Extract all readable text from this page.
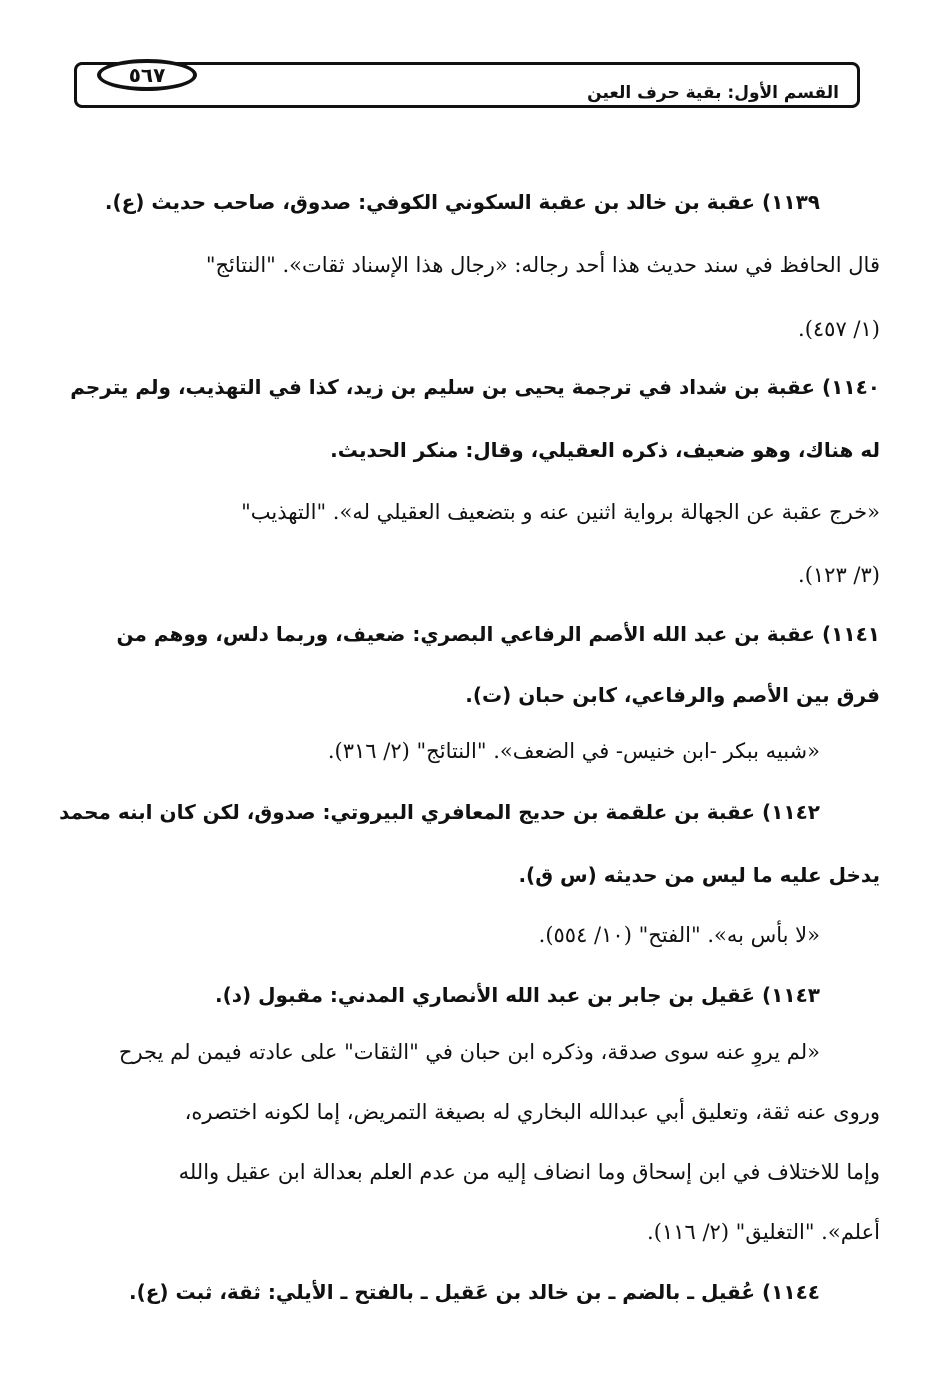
٥٦٧
القسم الأول: بقية حرف العين
١١٣٩) عقبة بن خالد بن عقبة السكوني الكوفي: صدوق، صاحب حديث (ع).
قال الحافظ في سند حديث هذا أحد رجاله: «رجال هذا الإسناد ثقات». "النتائج"
(١/ ٤٥٧).
١١٤٠) عقبة بن شداد في ترجمة يحيى بن سليم بن زيد، كذا في التهذيب، ولم يترجم
له هناك، وهو ضعيف، ذكره العقيلي، وقال: منكر الحديث.
«خرج عقبة عن الجهالة برواية اثنين عنه و بتضعيف العقيلي له». "التهذيب"
(٣/ ١٢٣).
١١٤١) عقبة بن عبد الله الأصم الرفاعي البصري: ضعيف، وربما دلس، ووهم من
فرق بين الأصم والرفاعي، كابن حبان (ت).
«شبيه ببكر -ابن خنيس- في الضعف». "النتائج" (٢/ ٣١٦).
١١٤٢) عقبة بن علقمة بن حديج المعافري البيروتي: صدوق، لكن كان ابنه محمد
يدخل عليه ما ليس من حديثه (س ق).
«لا بأس به». "الفتح" (١٠/ ٥٥٤).
١١٤٣) عَقيل بن جابر بن عبد الله الأنصاري المدني: مقبول (د).
«لم يروِ عنه سوى صدقة، وذكره ابن حبان في "الثقات" على عادته فيمن لم يجرح
وروى عنه ثقة، وتعليق أبي عبدالله البخاري له بصيغة التمريض، إما لكونه اختصره،
وإما للاختلاف في ابن إسحاق وما انضاف إليه من عدم العلم بعدالة ابن عقيل والله
أعلم». "التغليق" (٢/ ١١٦).
١١٤٤) عُقيل ـ بالضم ـ بن خالد بن عَقيل ـ بالفتح ـ الأيلي: ثقة، ثبت (ع).
